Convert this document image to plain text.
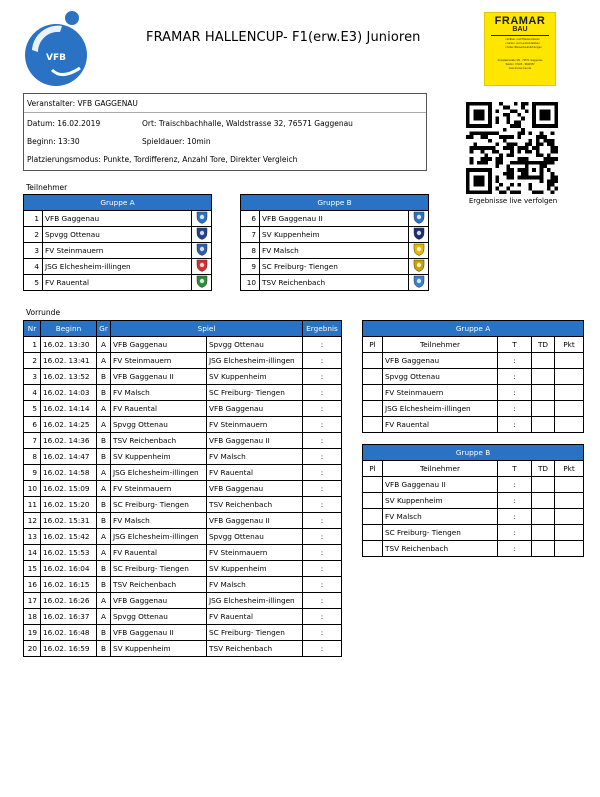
VFB
FRAMAR HALLENCUP- F1(erw.E3) Junioren
FRAMAR
BAU
• Erdbau- und Pflasterarbeiten
• Garten- und Landschaftsbau
• Keller-/Bauwerksabdichtungen
Postplatzstraße 3/9 · 76571 Gaggenau
Telefon: 07225 - 9843357
www.framar-bau.de
Veranstalter: VFB GAGGENAU
Datum: 16.02.2019	Ort: Traischbachhalle, Waldstrasse 32, 76571 Gaggenau
Beginn: 13:30	Spieldauer: 10min
Platzierungsmodus: Punkte, Tordifferenz, Anzahl Tore, Direkter Vergleich
Ergebnisse live verfolgen
Teilnehmer
Gruppe A		
1	VFB Gaggenau	
2	Spvgg Ottenau	
3	FV Steinmauern	
4	JSG Elchesheim-illingen	
5	FV Rauental	
Gruppe B		
6	VFB Gaggenau II	
7	SV Kuppenheim	
8	FV Malsch	
9	SC Freiburg- Tiengen	
10	TSV Reichenbach	
Vorrunde
Nr	Beginn	Gr	Spiel		Ergebnis
1	16.02. 13:30	A	VFB Gaggenau	Spvgg Ottenau	:
2	16.02. 13:41	A	FV Steinmauern	JSG Elchesheim-illingen	:
3	16.02. 13:52	B	VFB Gaggenau II	SV Kuppenheim	:
4	16.02. 14:03	B	FV Malsch	SC Freiburg- Tiengen	:
5	16.02. 14:14	A	FV Rauental	VFB Gaggenau	:
6	16.02. 14:25	A	Spvgg Ottenau	FV Steinmauern	:
7	16.02. 14:36	B	TSV Reichenbach	VFB Gaggenau II	:
8	16.02. 14:47	B	SV Kuppenheim	FV Malsch	:
9	16.02. 14:58	A	JSG Elchesheim-illingen	FV Rauental	:
10	16.02. 15:09	A	FV Steinmauern	VFB Gaggenau	:
11	16.02. 15:20	B	SC Freiburg- Tiengen	TSV Reichenbach	:
12	16.02. 15:31	B	FV Malsch	VFB Gaggenau II	:
13	16.02. 15:42	A	JSG Elchesheim-illingen	Spvgg Ottenau	:
14	16.02. 15:53	A	FV Rauental	FV Steinmauern	:
15	16.02. 16:04	B	SC Freiburg- Tiengen	SV Kuppenheim	:
16	16.02. 16:15	B	TSV Reichenbach	FV Malsch	:
17	16.02. 16:26	A	VFB Gaggenau	JSG Elchesheim-illingen	:
18	16.02. 16:37	A	Spvgg Ottenau	FV Rauental	:
19	16.02. 16:48	B	VFB Gaggenau II	SC Freiburg- Tiengen	:
20	16.02. 16:59	B	SV Kuppenheim	TSV Reichenbach	:
Gruppe A				
Pl	Teilnehmer	T	TD	Pkt
	VFB Gaggenau	:		
	Spvgg Ottenau	:		
	FV Steinmauern	:		
	JSG Elchesheim-illingen	:		
	FV Rauental	:		
Gruppe B				
Pl	Teilnehmer	T	TD	Pkt
	VFB Gaggenau II	:		
	SV Kuppenheim	:		
	FV Malsch	:		
	SC Freiburg- Tiengen	:		
	TSV Reichenbach	:		
